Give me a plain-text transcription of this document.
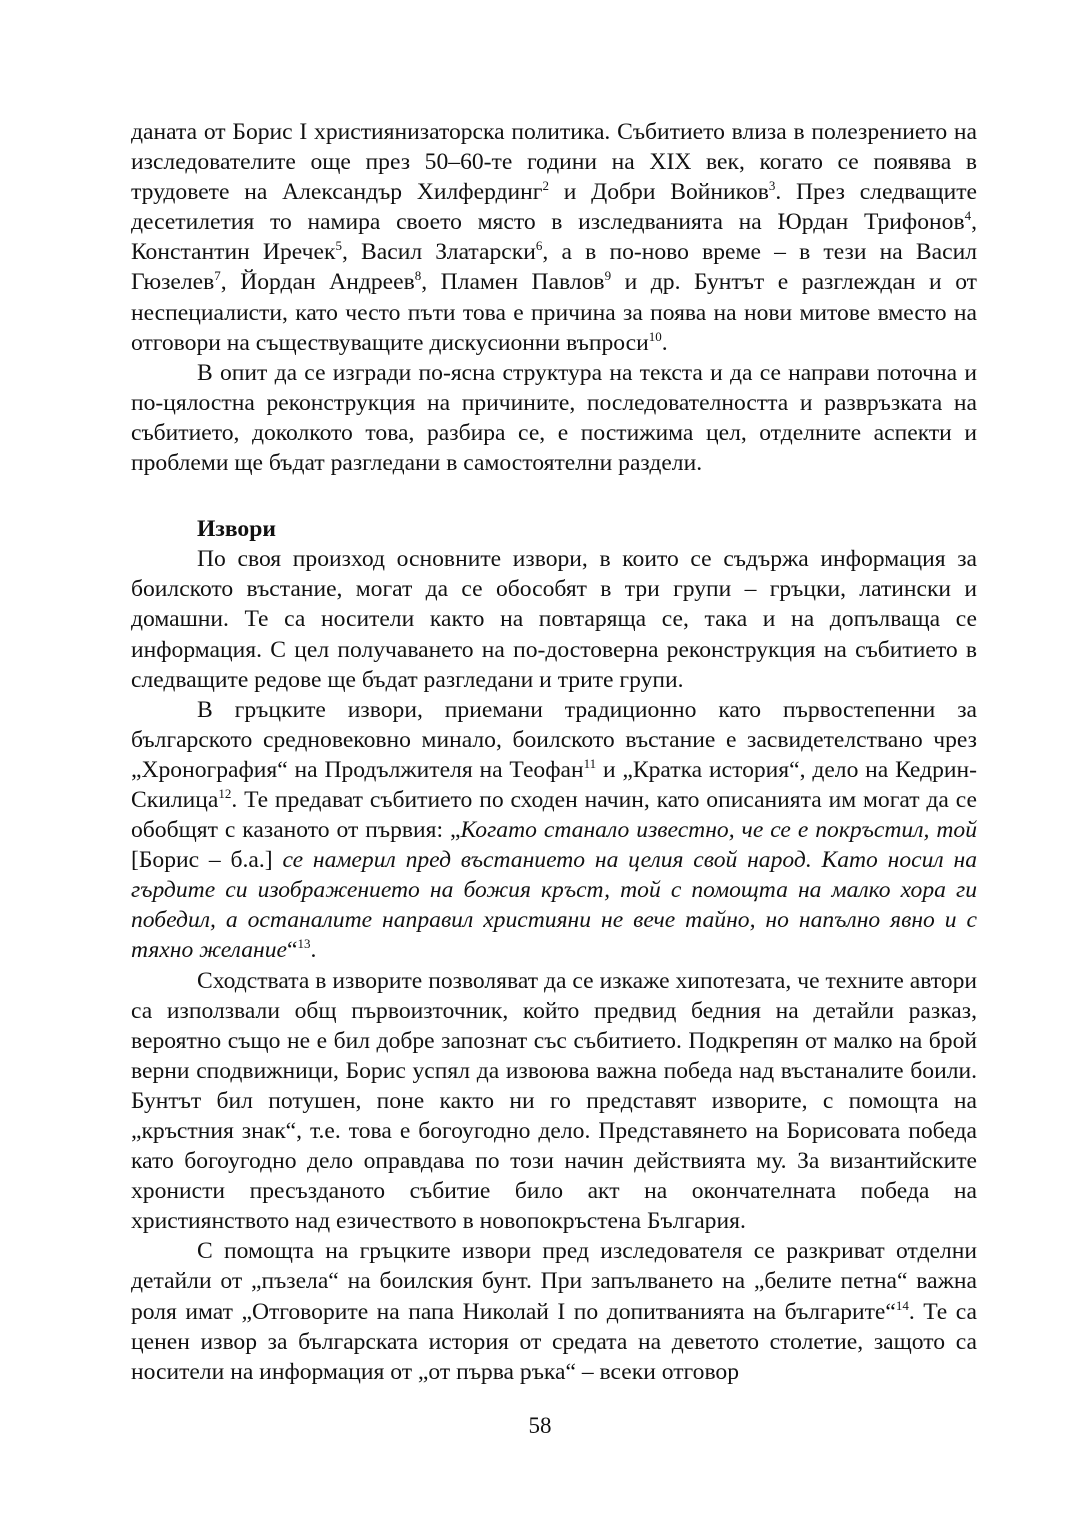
даната от Борис I християнизаторска политика. Събитието влиза в полезрението на изследователите още през 50–60-те години на XIX век, когато се появява в трудовете на Александър Хилфердинг$^2$ и Добри Войников$^3$. През следващите десетилетия то намира своето място в изследванията на Юрдан Трифонов$^4$, Константин Иречек$^5$, Васил Златарски$^6$, а в по-ново време – в тези на Васил Гюзелев$^7$, Йордан Андреев$^8$, Пламен Павлов$^9$ и др. Бунтът е разглеждан и от неспециалисти, като често пъти това е причина за поява на нови митове вместо на отговори на съществуващите дискусионни въпроси$^{10}$.

В опит да се изгради по-ясна структура на текста и да се направи поточна и по-цялостна реконструкция на причините, последователността и развръзката на събитието, доколкото това, разбира се, е постижима цел, отделните аспекти и проблеми ще бъдат разгледани в самостоятелни раздели.

Извори

По своя произход основните извори, в които се съдържа информация за боилското въстание, могат да се обособят в три групи – гръцки, латински и домашни. Те са носители както на повтаряща се, така и на допълваща се информация. С цел получаването на по-достоверна реконструкция на събитието в следващите редове ще бъдат разгледани и трите групи.

В гръцките извори, приемани традиционно като първостепенни за българското средновековно минало, боилското въстание е засвидетелствано чрез „Хронография“ на Продължителя на Теофан$^{11}$ и „Кратка история“, дело на Кедрин-Скилица$^{12}$. Те предават събитието по сходен начин, като описанията им могат да се обобщят с казаното от първия: „Когато станало известно, че се е покръстил, той [Борис – б.а.] се намерил пред въстанието на целия свой народ. Като носил на гърдите си изображението на божия кръст, той с помощта на малко хора ги победил, а останалите направил християни не вече тайно, но напълно явно и с тяхно желание“$^{13}$.

Сходствата в изворите позволяват да се изкаже хипотезата, че техните автори са използвали общ първоизточник, който предвид бедния на детайли разказ, вероятно също не е бил добре запознат със събитието. Подкрепян от малко на брой верни сподвижници, Борис успял да извоюва важна победа над въстаналите боили. Бунтът бил потушен, поне както ни го представят изворите, с помощта на „кръстния знак“, т.е. това е богоугодно дело. Представянето на Борисовата победа като богоугодно дело оправдава по този начин действията му. За византийските хронисти пресъзданото събитие било акт на окончателната победа на християнството над езичеството в новопокръстена България.

С помощта на гръцките извори пред изследователя се разкриват отделни детайли от „пъзела“ на боилския бунт. При запълването на „белите петна“ важна роля имат „Отговорите на папа Николай I по допитванията на българите“$^{14}$. Те са ценен извор за българската история от средата на деветото столетие, защото са носители на информация от „от първа ръка“ – всеки отговор

58
